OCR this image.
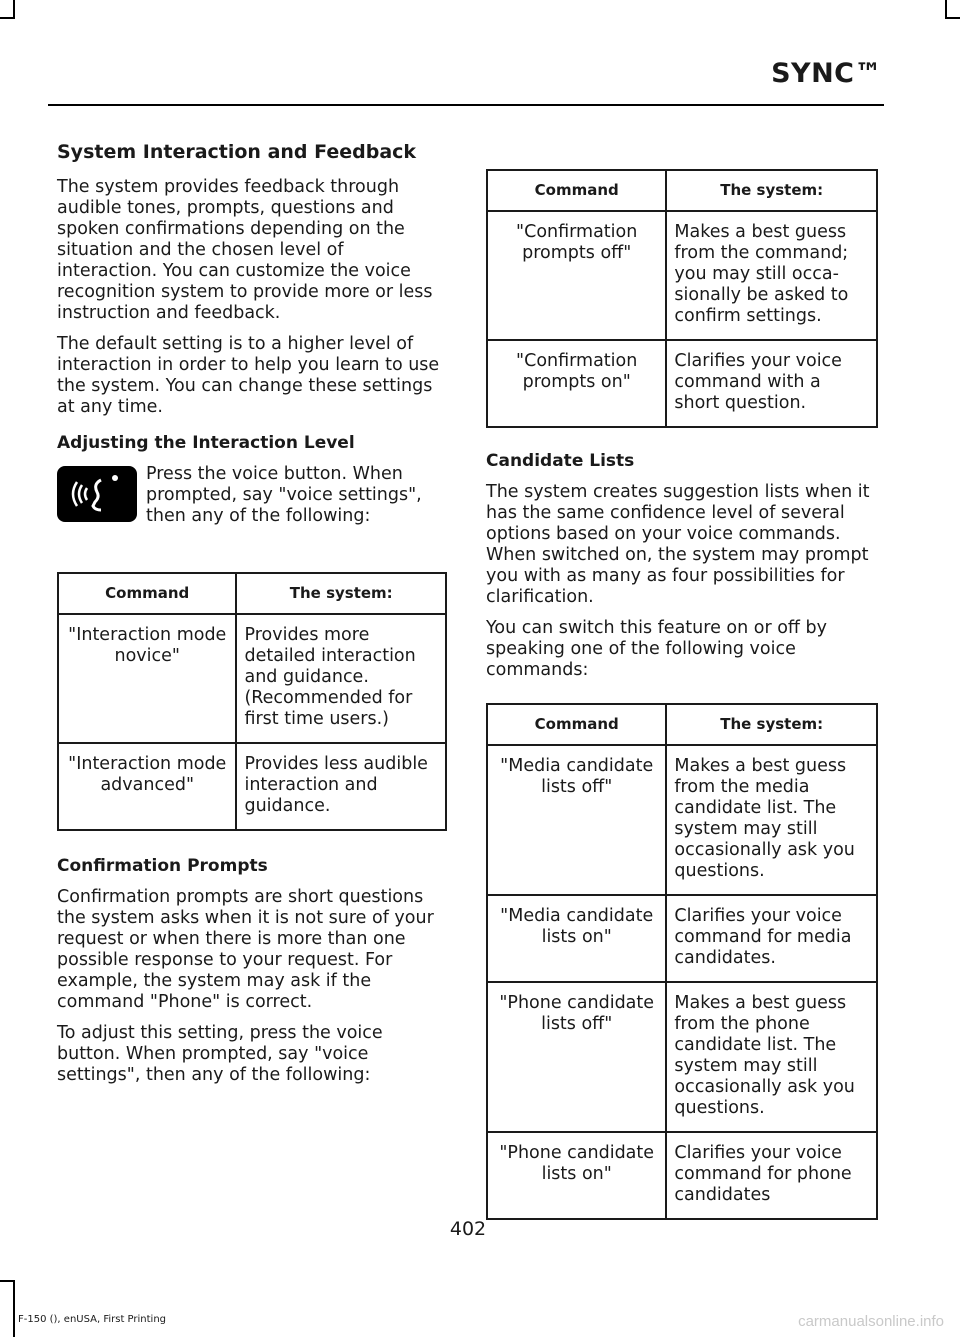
SYNC™
System Interaction and Feedback

The system provides feedback through audible tones, prompts, questions and spoken confirmations depending on the situation and the chosen level of interaction. You can customize the voice recognition system to provide more or less instruction and feedback.

The default setting is to a higher level of interaction in order to help you learn to use the system. You can change these settings at any time.

Adjusting the Interaction Level

Press the voice button. When prompted, say "voice settings", then any of the following:

Command	The system:
"Interaction mode novice"	Provides more detailed interaction and guidance. (Recommended for first time users.)
"Interaction mode advanced"	Provides less audible interaction and guidance.
Confirmation Prompts

Confirmation prompts are short questions the system asks when it is not sure of your request or when there is more than one possible response to your request. For example, the system may ask if the command "Phone" is correct.

To adjust this setting, press the voice button. When prompted, say "voice settings", then any of the following:

Command	The system:
"Confirmation prompts off"	Makes a best guess from the command; you may still occa-sionally be asked to confirm settings.
"Confirmation prompts on"	Clarifies your voice command with a short question.
Candidate Lists

The system creates suggestion lists when it has the same confidence level of several options based on your voice commands. When switched on, the system may prompt you with as many as four possibilities for clarification.

You can switch this feature on or off by speaking one of the following voice commands:

Command	The system:
"Media candidate lists off"	Makes a best guess from the media candidate list. The system may still occasionally ask you questions.
"Media candidate lists on"	Clarifies your voice command for media candidates.
"Phone candidate lists off"	Makes a best guess from the phone candidate list. The system may still occasionally ask you questions.
"Phone candidate lists on"	Clarifies your voice command for phone candidates
402
F-150 (), enUSA, First Printing	carmanualsonline.info
